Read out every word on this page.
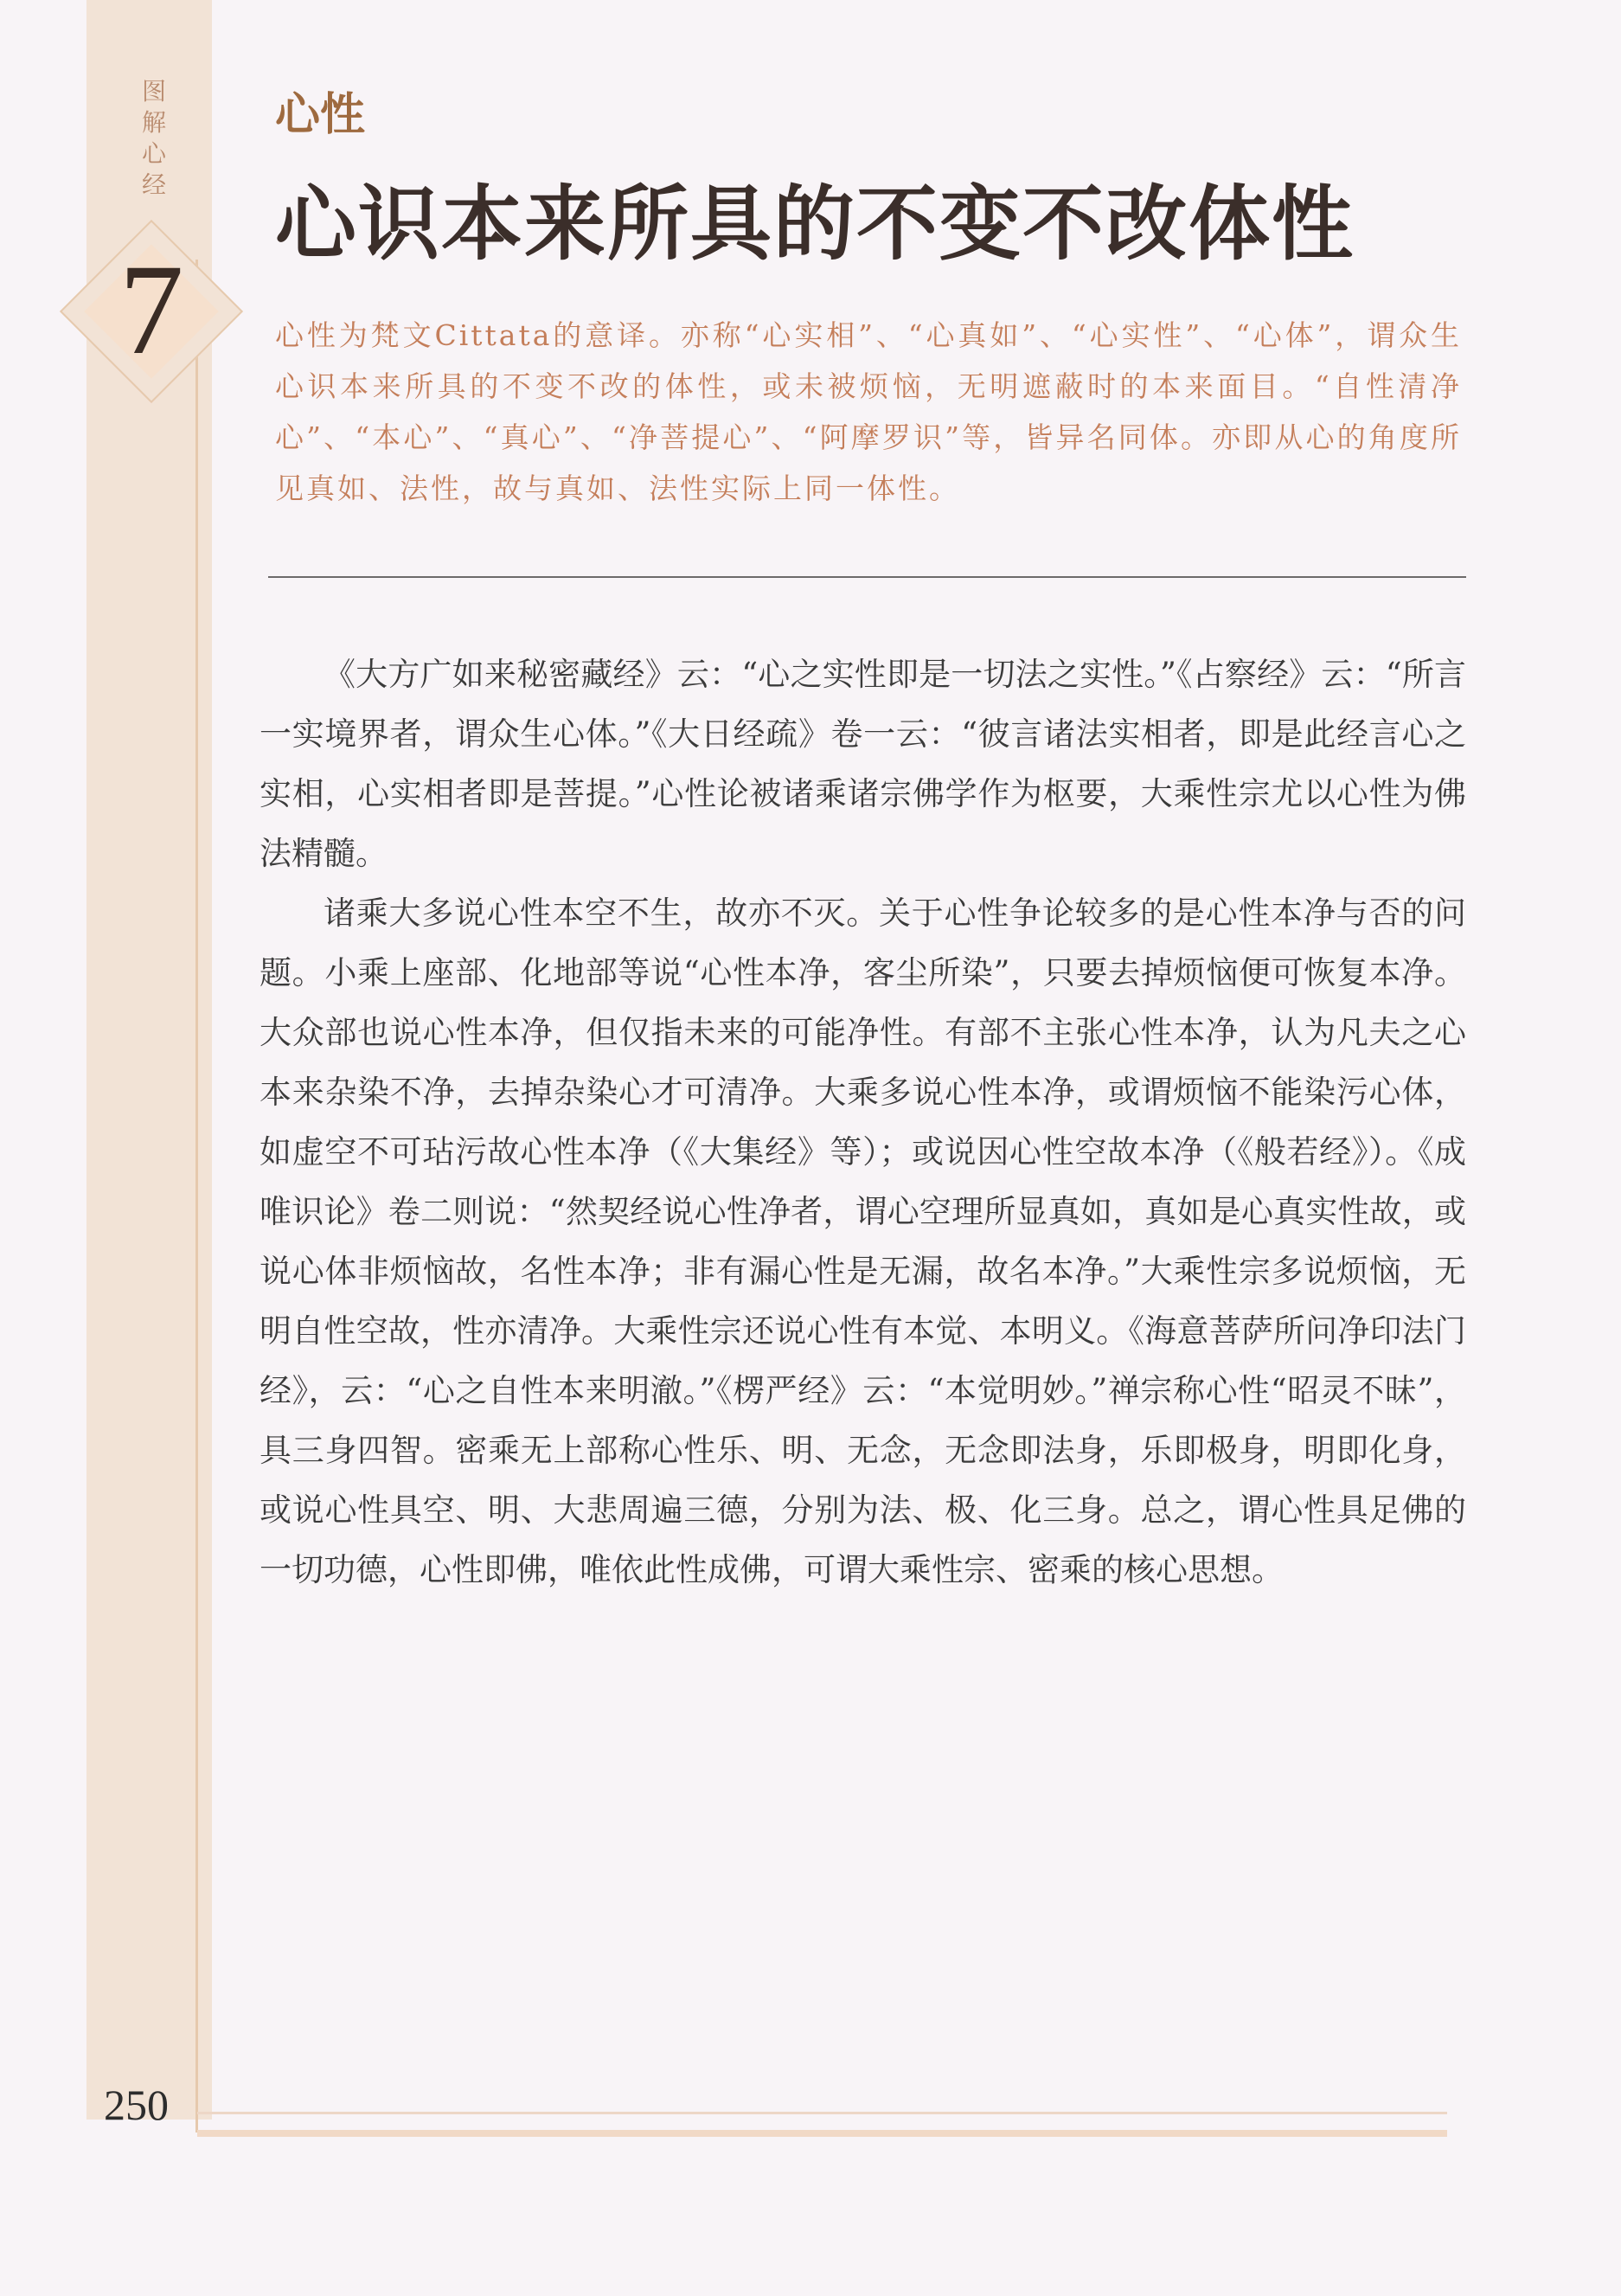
图解心经
7
心性
心识本来所具的不变不改体性

心性为梵文Cittata的意译。亦称“心实相”、“心真如”、“心实性”、“心体”，谓众生心识本来所具的不变不改的体性，或未被烦恼，无明遮蔽时的本来面目。“自性清净心”、“本心”、“真心”、“净菩提心”、“阿摩罗识”等，皆异名同体。亦即从心的角度所见真如、法性，故与真如、法性实际上同一体性。

《大方广如来秘密藏经》云：“心之实性即是一切法之实性。”《占察经》云：“所言一实境界者，谓众生心体。”《大日经疏》卷一云：“彼言诸法实相者，即是此经言心之实相，心实相者即是菩提。”心性论被诸乘诸宗佛学作为枢要，大乘性宗尤以心性为佛法精髓。

诸乘大多说心性本空不生，故亦不灭。关于心性争论较多的是心性本净与否的问题。小乘上座部、化地部等说“心性本净，客尘所染”，只要去掉烦恼便可恢复本净。大众部也说心性本净，但仅指未来的可能净性。有部不主张心性本净，认为凡夫之心本来杂染不净，去掉杂染心才可清净。大乘多说心性本净，或谓烦恼不能染污心体，如虚空不可玷污故心性本净（《大集经》等）；或说因心性空故本净（《般若经》）。《成唯识论》卷二则说：“然契经说心性净者，谓心空理所显真如，真如是心真实性故，或说心体非烦恼故，名性本净；非有漏心性是无漏，故名本净。”大乘性宗多说烦恼，无明自性空故，性亦清净。大乘性宗还说心性有本觉、本明义。《海意菩萨所问净印法门经》，云：“心之自性本来明澈。”《楞严经》云：“本觉明妙。”禅宗称心性“昭灵不昧”，具三身四智。密乘无上部称心性乐、明、无念，无念即法身，乐即极身，明即化身，或说心性具空、明、大悲周遍三德，分别为法、极、化三身。总之，谓心性具足佛的一切功德，心性即佛，唯依此性成佛，可谓大乘性宗、密乘的核心思想。

250
